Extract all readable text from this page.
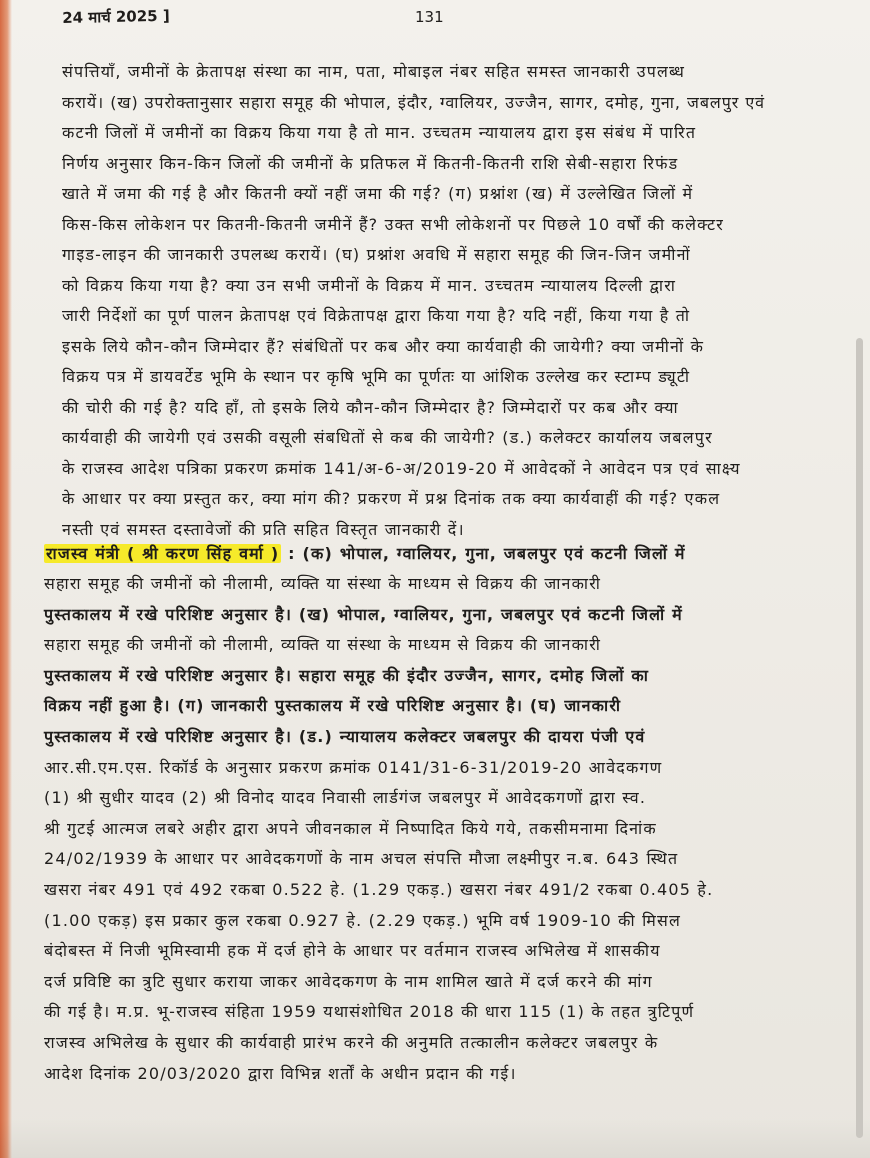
24 मार्च 2025 ]	131
संपत्तियाँ, जमीनों के क्रेतापक्ष संस्था का नाम, पता, मोबाइल नंबर सहित समस्त जानकारी उपलब्ध
करायें। (ख) उपरोक्तानुसार सहारा समूह की भोपाल, इंदौर, ग्वालियर, उज्जैन, सागर, दमोह, गुना, जबलपुर एवं
कटनी जिलों में जमीनों का विक्रय किया गया है तो मान. उच्चतम न्यायालय द्वारा इस संबंध में पारित
निर्णय अनुसार किन-किन जिलों की जमीनों के प्रतिफल में कितनी-कितनी राशि सेबी-सहारा रिफंड
खाते में जमा की गई है और कितनी क्यों नहीं जमा की गई? (ग) प्रश्नांश (ख) में उल्लेखित जिलों में
किस-किस लोकेशन पर कितनी-कितनी जमीनें हैं? उक्त सभी लोकेशनों पर पिछले 10 वर्षों की कलेक्टर
गाइड-लाइन की जानकारी उपलब्ध करायें। (घ) प्रश्नांश अवधि में सहारा समूह की जिन-जिन जमीनों
को विक्रय किया गया है? क्या उन सभी जमीनों के विक्रय में मान. उच्चतम न्यायालय दिल्ली द्वारा
जारी निर्देशों का पूर्ण पालन क्रेतापक्ष एवं विक्रेतापक्ष द्वारा किया गया है? यदि नहीं, किया गया है तो
इसके लिये कौन-कौन जिम्मेदार हैं? संबंधितों पर कब और क्या कार्यवाही की जायेगी? क्या जमीनों के
विक्रय पत्र में डायवर्टेड भूमि के स्थान पर कृषि भूमि का पूर्णतः या आंशिक उल्लेख कर स्टाम्प ड्यूटी
की चोरी की गई है? यदि हाँ, तो इसके लिये कौन-कौन जिम्मेदार है? जिम्मेदारों पर कब और क्या
कार्यवाही की जायेगी एवं उसकी वसूली संबधितों से कब की जायेगी? (ड.) कलेक्टर कार्यालय जबलपुर
के राजस्व आदेश पत्रिका प्रकरण क्रमांक 141/अ-6-अ/2019-20 में आवेदकों ने आवेदन पत्र एवं साक्ष्य
के आधार पर क्या प्रस्तुत कर, क्या मांग की? प्रकरण में प्रश्न दिनांक तक क्या कार्यवाहीं की गई? एकल
नस्ती एवं समस्त दस्तावेजों की प्रति सहित विस्तृत जानकारी दें।
राजस्व मंत्री ( श्री करण सिंह वर्मा ) : (क) भोपाल, ग्वालियर, गुना, जबलपुर एवं कटनी जिलों में
सहारा समूह की जमीनों को नीलामी, व्यक्ति या संस्था के माध्यम से विक्रय की जानकारी
पुस्तकालय में रखे परिशिष्ट अनुसार है। (ख) भोपाल, ग्वालियर, गुना, जबलपुर एवं कटनी जिलों में
सहारा समूह की जमीनों को नीलामी, व्यक्ति या संस्था के माध्यम से विक्रय की जानकारी
पुस्तकालय में रखे परिशिष्ट अनुसार है। सहारा समूह की इंदौर उज्जैन, सागर, दमोह जिलों का
विक्रय नहीं हुआ है। (ग) जानकारी पुस्तकालय में रखे परिशिष्ट अनुसार है। (घ) जानकारी
पुस्तकालय में रखे परिशिष्ट अनुसार है। (ड.) न्यायालय कलेक्टर जबलपुर की दायरा पंजी एवं
आर.सी.एम.एस. रिकॉर्ड के अनुसार प्रकरण क्रमांक 0141/31-6-31/2019-20 आवेदकगण
(1) श्री सुधीर यादव (2) श्री विनोद यादव निवासी लार्डगंज जबलपुर में आवेदकगणों द्वारा स्व.
श्री गुटई आत्मज लबरे अहीर द्वारा अपने जीवनकाल में निष्पादित किये गये, तकसीमनामा दिनांक
24/02/1939 के आधार पर आवेदकगणों के नाम अचल संपत्ति मौजा लक्ष्मीपुर न.ब. 643 स्थित
खसरा नंबर 491 एवं 492 रकबा 0.522 हे. (1.29 एकड़.) खसरा नंबर 491/2 रकबा 0.405 हे.
(1.00 एकड़) इस प्रकार कुल रकबा 0.927 हे. (2.29 एकड़.) भूमि वर्ष 1909-10 की मिसल
बंदोबस्त में निजी भूमिस्वामी हक में दर्ज होने के आधार पर वर्तमान राजस्व अभिलेख में शासकीय
दर्ज प्रविष्टि का त्रुटि सुधार कराया जाकर आवेदकगण के नाम शामिल खाते में दर्ज करने की मांग
की गई है। म.प्र. भू-राजस्व संहिता 1959 यथासंशोधित 2018 की धारा 115 (1) के तहत त्रुटिपूर्ण
राजस्व अभिलेख के सुधार की कार्यवाही प्रारंभ करने की अनुमति तत्कालीन कलेक्टर जबलपुर के
आदेश दिनांक 20/03/2020 द्वारा विभिन्न शर्तों के अधीन प्रदान की गई।
